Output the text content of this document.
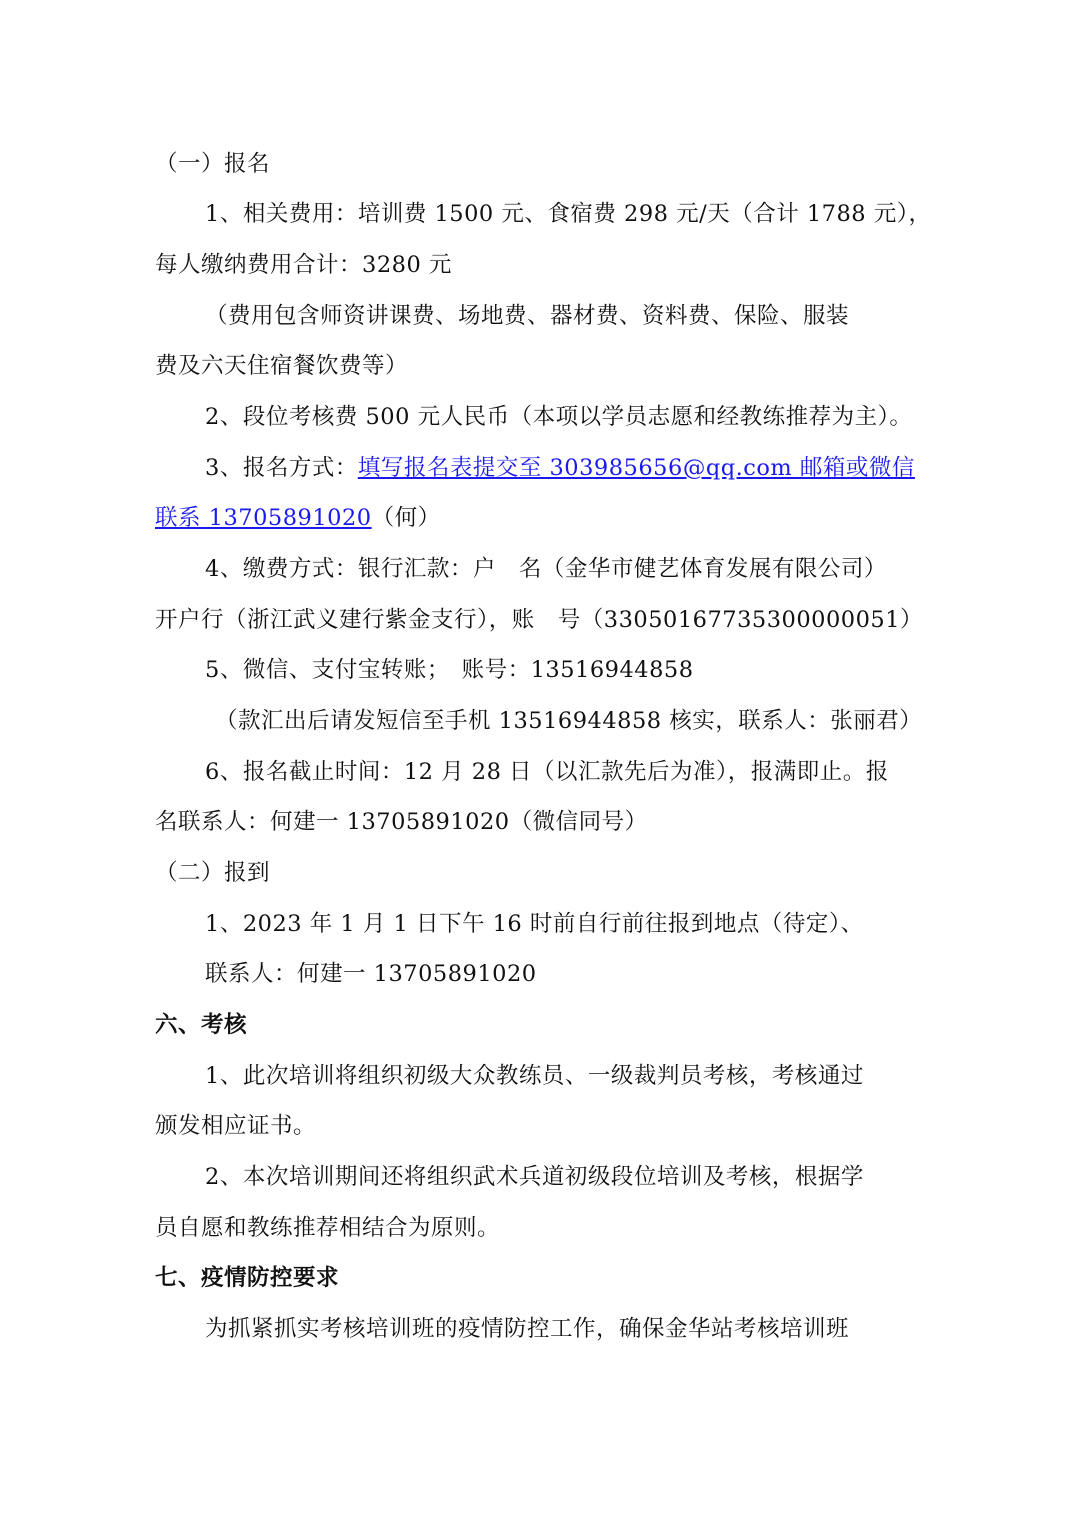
（一）报名
1、相关费用：培训费 1500 元、食宿费 298 元/天（合计 1788 元），
每人缴纳费用合计：3280 元
（费用包含师资讲课费、场地费、器材费、资料费、保险、服装
费及六天住宿餐饮费等）
2、段位考核费 500 元人民币（本项以学员志愿和经教练推荐为主）。
3、报名方式：填写报名表提交至 303985656@qq.com 邮箱或微信
联系 13705891020（何）
4、缴费方式：银行汇款：户　名（金华市健艺体育发展有限公司）
开户行（浙江武义建行紫金支行），账　号（33050167735300000051）
5、微信、支付宝转账；　账号：13516944858
（款汇出后请发短信至手机 13516944858 核实，联系人：张丽君）
6、报名截止时间：12 月 28 日（以汇款先后为准），报满即止。报
名联系人：何建一 13705891020（微信同号）
（二）报到
1、2023 年 1 月 1 日下午 16 时前自行前往报到地点（待定）、
联系人：何建一 13705891020
六、考核
1、此次培训将组织初级大众教练员、一级裁判员考核，考核通过
颁发相应证书。
2、本次培训期间还将组织武术兵道初级段位培训及考核，根据学
员自愿和教练推荐相结合为原则。
七、疫情防控要求
为抓紧抓实考核培训班的疫情防控工作，确保金华站考核培训班
